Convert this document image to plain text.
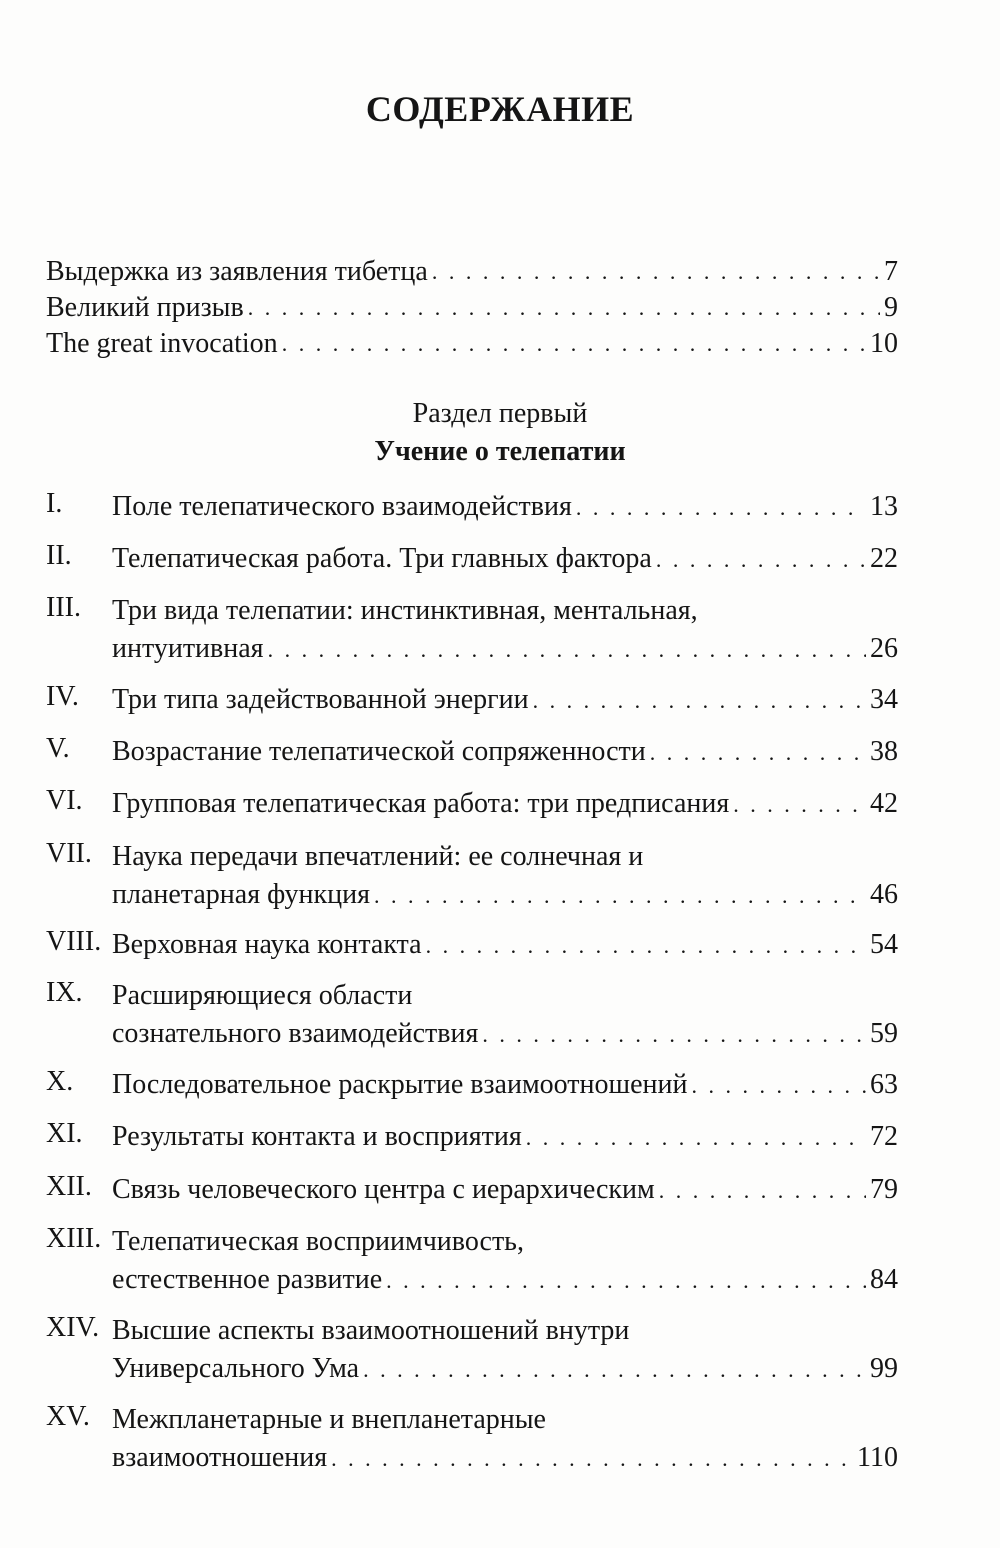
СОДЕРЖАНИЕ
Выдержка из заявления тибетца . . .	7
Великий призыв . . .	9
The great invocation . . .	10
Раздел первый
Учение о телепатии
I. Поле телепатического взаимодействия . . .	13
II. Телепатическая работа. Три главных фактора . . .	22
III. Три вида телепатии: инстинктивная, ментальная,
интуитивная . . .	26
IV. Три типа задействованной энергии . . .	34
V. Возрастание телепатической сопряженности . . .	38
VI. Групповая телепатическая работа: три предписания . . .	42
VII. Наука передачи впечатлений: ее солнечная и
планетарная функция . . .	46
VIII. Верховная наука контакта . . .	54
IX. Расширяющиеся области
сознательного взаимодействия . . .	59
X. Последовательное раскрытие взаимоотношений . . .	63
XI. Результаты контакта и восприятия . . .	72
XII. Связь человеческого центра с иерархическим . . .	79
XIII. Телепатическая восприимчивость,
естественное развитие . . .	84
XIV. Высшие аспекты взаимоотношений внутри
Универсального Ума . . .	99
XV. Межпланетарные и внепланетарные
взаимоотношения . . .	110
